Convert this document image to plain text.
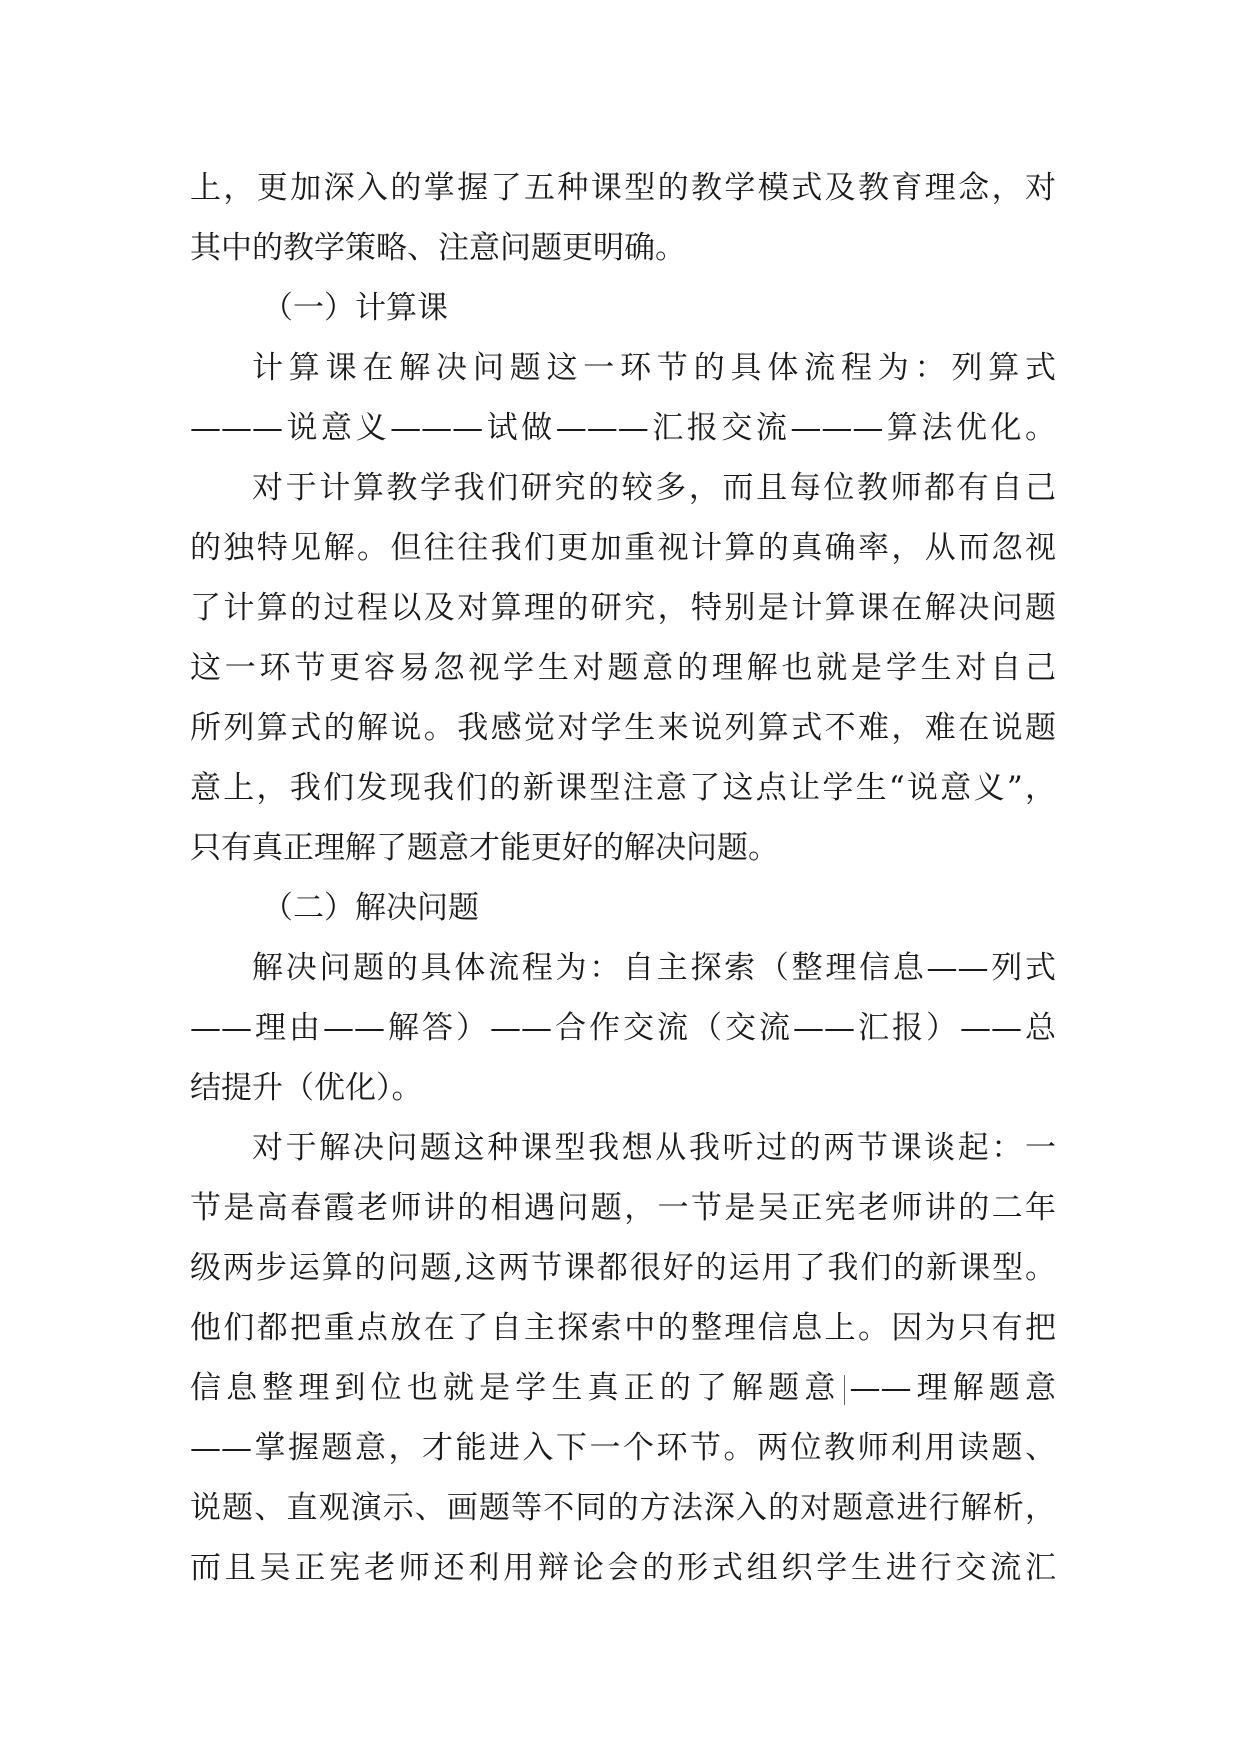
上，更加深入的掌握了五种课型的教学模式及教育理念，对
其中的教学策略、注意问题更明确。
（一）计算课
计算课在解决问题这一环节的具体流程为：列算式
———说意义———试做———汇报交流———算法优化。
对于计算教学我们研究的较多，而且每位教师都有自己
的独特见解。但往往我们更加重视计算的真确率，从而忽视
了计算的过程以及对算理的研究，特别是计算课在解决问题
这一环节更容易忽视学生对题意的理解也就是学生对自己
所列算式的解说。我感觉对学生来说列算式不难，难在说题
意上，我们发现我们的新课型注意了这点让学生“说意义”，
只有真正理解了题意才能更好的解决问题。
（二）解决问题
解决问题的具体流程为：自主探索（整理信息——列式
——理由——解答）——合作交流（交流——汇报）——总
结提升（优化）。
对于解决问题这种课型我想从我听过的两节课谈起：一
节是高春霞老师讲的相遇问题，一节是吴正宪老师讲的二年
级两步运算的问题,这两节课都很好的运用了我们的新课型。
他们都把重点放在了自主探索中的整理信息上。因为只有把
信息整理到位也就是学生真正的了解题意 ——理解题意
——掌握题意，才能进入下一个环节。两位教师利用读题、
说题、直观演示、画题等不同的方法深入的对题意进行解析，
而且吴正宪老师还利用辩论会的形式组织学生进行交流汇
